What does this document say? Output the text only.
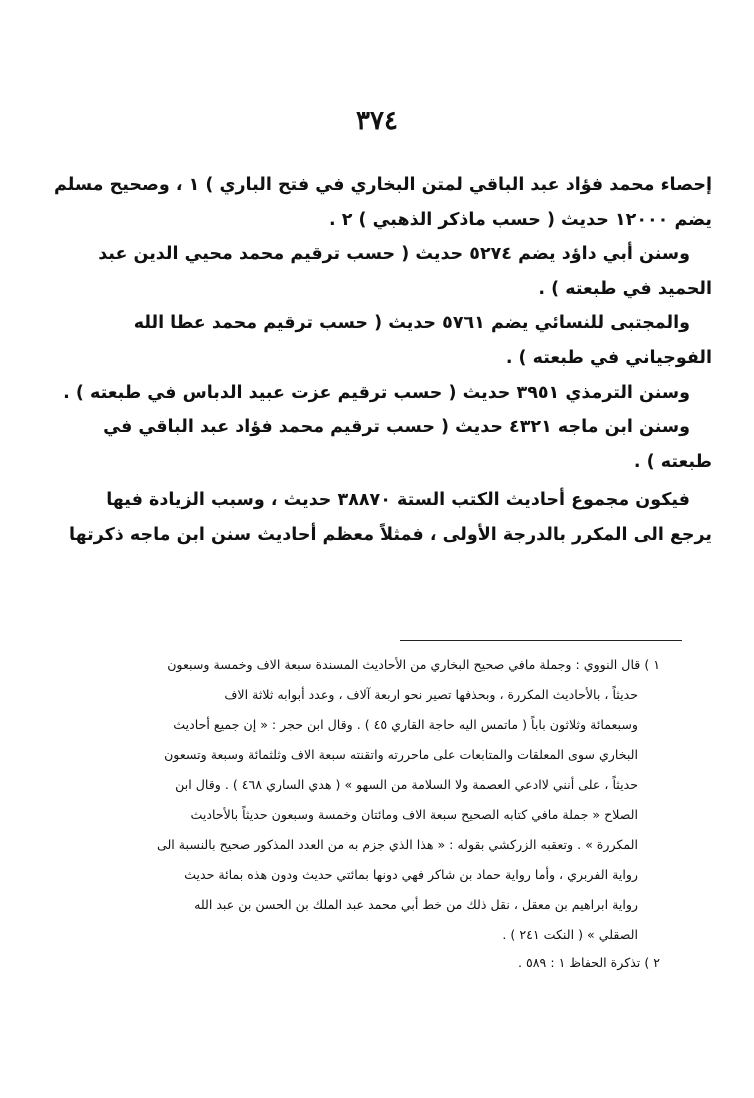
٣٧٤
إحصاء محمد فؤاد عبد الباقي لمتن البخاري في فتح الباري ) ١ ، وصحيح مسلم
يضم ١٢٠٠٠ حديث ( حسب ماذكر الذهبي ) ٢ .
وسنن أبي داؤد يضم ٥٢٧٤ حديث ( حسب ترقيم محمد محيي الدين عبد
الحميد في طبعته ) .
والمجتبى للنسائي يضم ٥٧٦١ حديث ( حسب ترقيم محمد عطا الله
الفوجياني في طبعته ) .
وسنن الترمذي ٣٩٥١ حديث ( حسب ترقيم عزت عبيد الدباس في طبعته ) .
وسنن ابن ماجه ٤٣٢١ حديث ( حسب ترقيم محمد فؤاد عبد الباقي في
طبعته ) .
فيكون مجموع أحاديث الكتب الستة ٣٨٨٧٠ حديث ، وسبب الزيادة فيها
يرجع الى المكرر بالدرجة الأولى ، فمثلاً معظم أحاديث سنن ابن ماجه ذكرتها
١ ) قال النووي : وجملة مافي صحيح البخاري من الأحاديث المسندة سبعة الاف وخمسة وسبعون
حديثاً ، بالأحاديث المكررة ، وبحذفها تصير نحو اربعة آلاف ، وعدد أبوابه ثلاثة الاف
وسبعمائة وثلاثون باباً ( ماتمس اليه حاجة القاري ٤٥ ) . وقال ابن حجر : « إن جميع أحاديث
البخاري سوى المعلقات والمتابعات على ماحررته واتقنته سبعة الاف وثلثمائة وسبعة وتسعون
حديثاً ، على أنني لاادعي العصمة ولا السلامة من السهو » ( هدي الساري ٤٦٨ ) . وقال ابن
الصلاح « جملة مافي كتابه الصحيح سبعة الاف ومائتان وخمسة وسبعون حديثاً بالأحاديث
المكررة » . وتعقبه الزركشي بقوله : « هذا الذي جزم به من العدد المذكور صحيح بالنسبة الى
رواية الفربري ، وأما رواية حماد بن شاكر فهي دونها بمائتي حديث ودون هذه بمائة حديث
رواية ابراهيم بن معقل ، نقل ذلك من خط أبي محمد عبد الملك بن الحسن بن عبد الله
الصقلي » ( النكت ٢٤١ ) .
٢ ) تذكرة الحفاظ ١ : ٥٨٩ .
